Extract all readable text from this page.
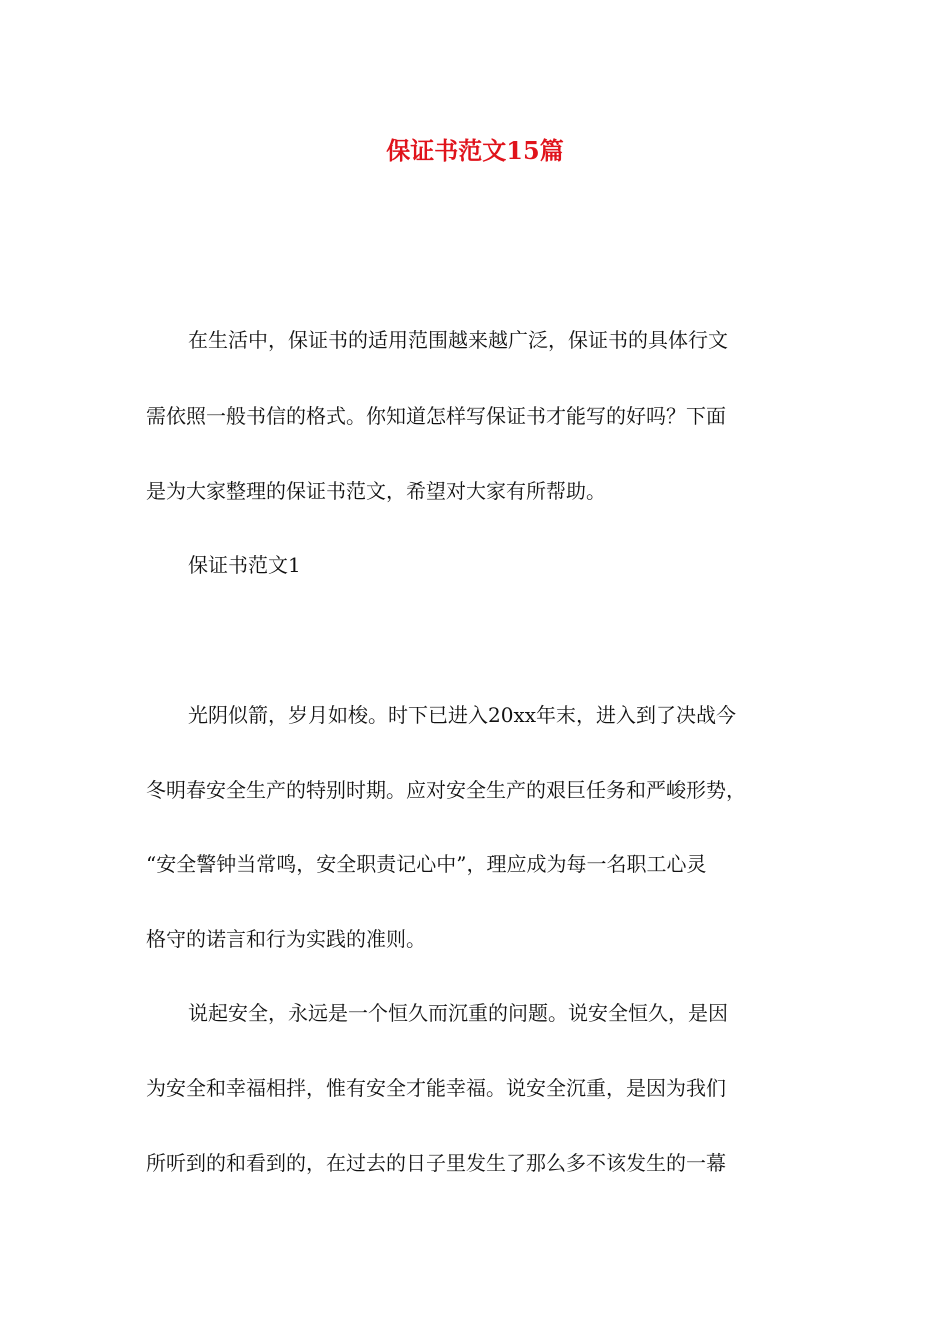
保证书范文15篇

在生活中，保证书的适用范围越来越广泛，保证书的具体行文

需依照一般书信的格式。你知道怎样写保证书才能写的好吗？下面

是为大家整理的保证书范文，希望对大家有所帮助。

保证书范文1

光阴似箭，岁月如梭。时下已进入20xx年末，进入到了决战今

冬明春安全生产的特别时期。应对安全生产的艰巨任务和严峻形势，

“安全警钟当常鸣，安全职责记心中”，理应成为每一名职工心灵

格守的诺言和行为实践的准则。

说起安全，永远是一个恒久而沉重的问题。说安全恒久，是因

为安全和幸福相拌，惟有安全才能幸福。说安全沉重，是因为我们

所听到的和看到的，在过去的日子里发生了那么多不该发生的一幕
